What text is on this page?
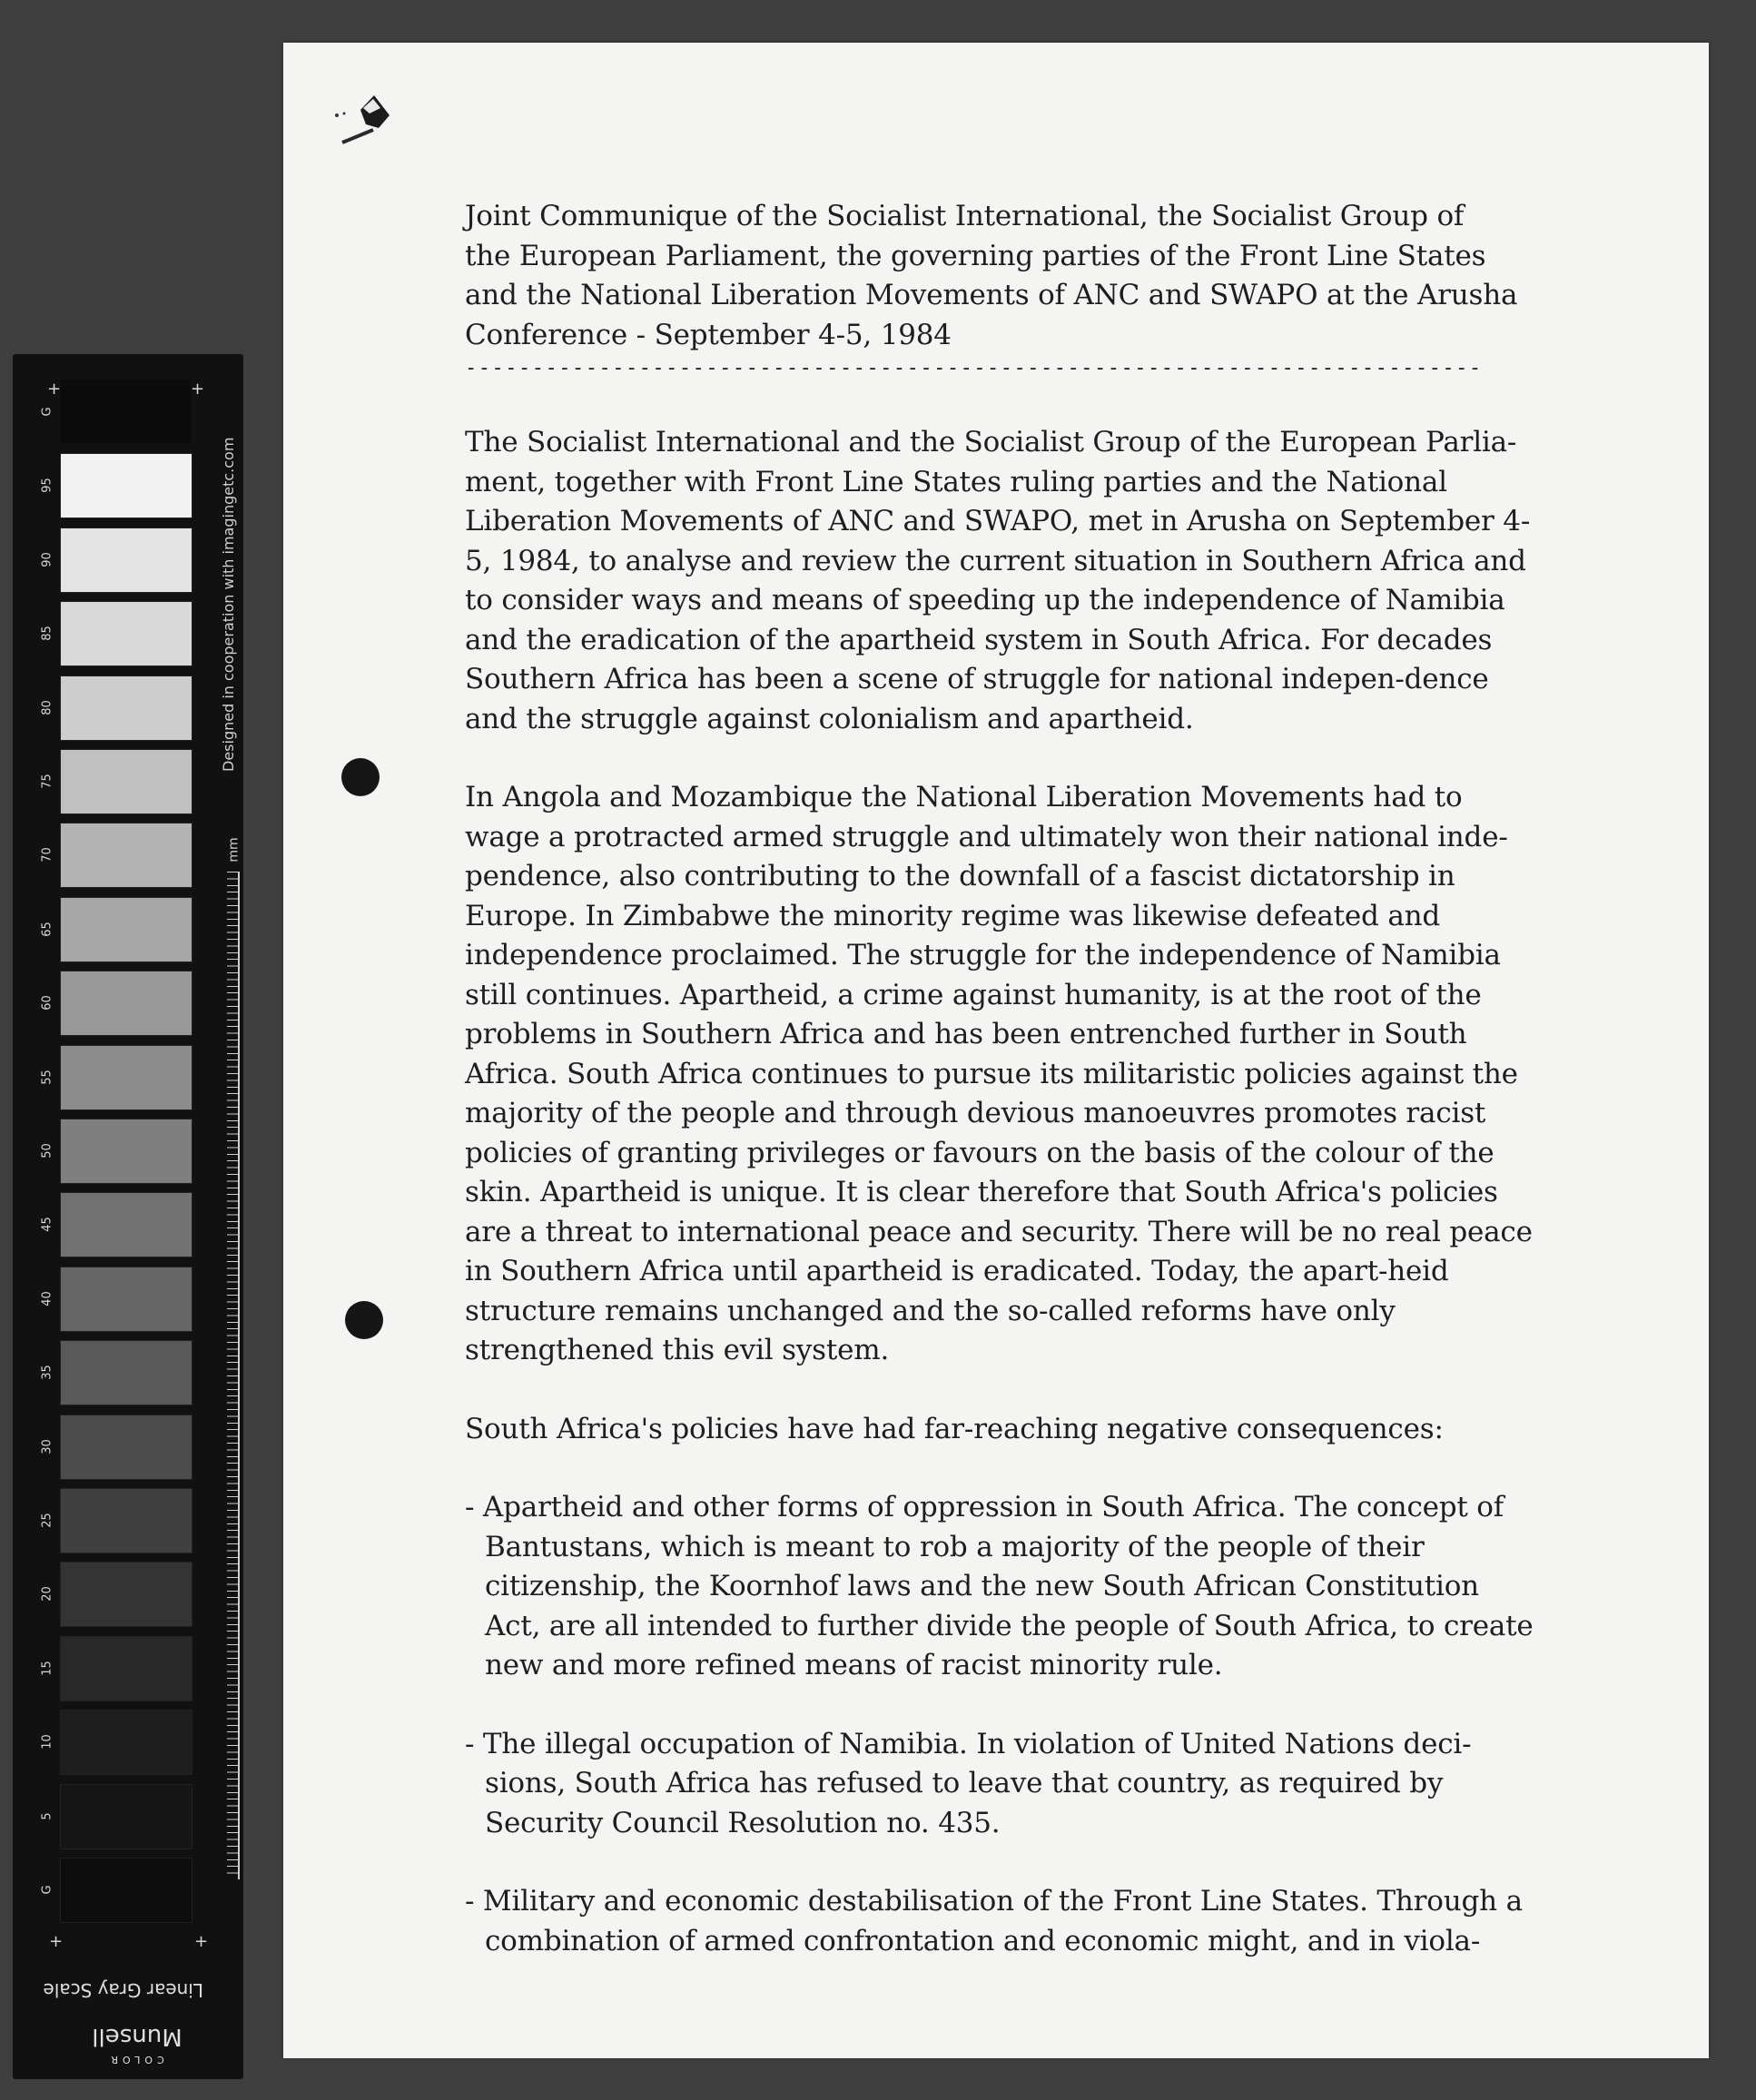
G
95
90
85
80
75
70
65
60
55
50
45
40
35
30
25
20
15
10
5
G
+	+
+	+
Designed in cooperation with imagingetc.com
mm
Linear Gray Scale
Munsell
COLOR

Joint Communique of the Socialist International, the Socialist Group of
the European Parliament, the governing parties of the Front Line States
and the National Liberation Movements of ANC and SWAPO at the Arusha
Conference - September 4-5, 1984

----------------------------------------------------------------------------

The Socialist International and the Socialist Group of the European Parlia-ment, together with Front Line States ruling parties and the National Liberation Movements of ANC and SWAPO, met in Arusha on September 4-5, 1984, to analyse and review the current situation in Southern Africa and to consider ways and means of speeding up the independence of Namibia and the eradication of the apartheid system in South Africa. For decades Southern Africa has been a scene of struggle for national indepen-dence and the struggle against colonialism and apartheid.

In Angola and Mozambique the National Liberation Movements had to wage a protracted armed struggle and ultimately won their national inde-pendence, also contributing to the downfall of a fascist dictatorship in Europe. In Zimbabwe the minority regime was likewise defeated and independence proclaimed. The struggle for the independence of Namibia still continues. Apartheid, a crime against humanity, is at the root of the problems in Southern Africa and has been entrenched further in South Africa. South Africa continues to pursue its militaristic policies against the majority of the people and through devious manoeuvres promotes racist policies of granting privileges or favours on the basis of the colour of the skin. Apartheid is unique. It is clear therefore that South Africa's policies are a threat to international peace and security. There will be no real peace in Southern Africa until apartheid is eradicated. Today, the apart-heid structure remains unchanged and the so-called reforms have only strengthened this evil system.

South Africa's policies have had far-reaching negative consequences:

- Apartheid and other forms of oppression in South Africa. The concept of Bantustans, which is meant to rob a majority of the people of their citizenship, the Koornhof laws and the new South African Constitution Act, are all intended to further divide the people of South Africa, to create new and more refined means of racist minority rule.

- The illegal occupation of Namibia. In violation of United Nations deci-sions, South Africa has refused to leave that country, as required by Security Council Resolution no. 435.

- Military and economic destabilisation of the Front Line States. Through a combination of armed confrontation and economic might, and in viola-
